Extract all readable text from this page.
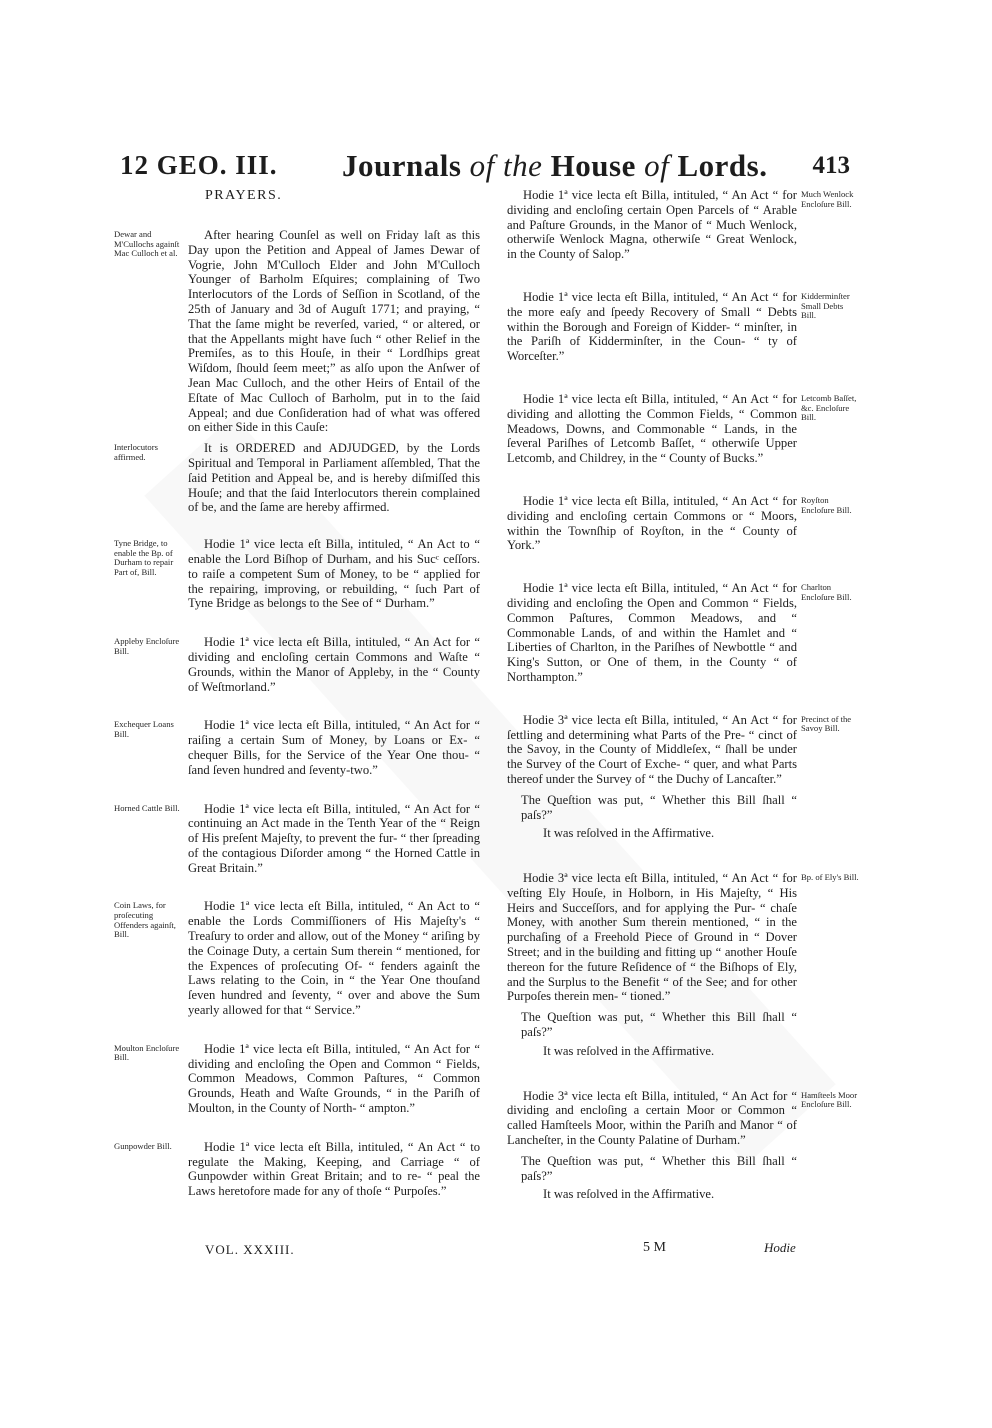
12 GEO. III. Journals of the House of Lords. 413
PRAYERS.
Dewar and M'Cullochs againſt Mac Culloch et al.
After hearing Counſel as well on Friday laſt as this Day upon the Petition and Appeal of James Dewar of Vogrie, John M'Culloch Elder and John M'Culloch Younger of Barholm Eſquires; complaining of Two Interlocutors of the Lords of Seſſion in Scotland, of the 25th of January and 3d of Auguſt 1771; and praying, “ That the ſame might be reverſed, varied, “ or altered, or that the Appellants might have ſuch “ other Relief in the Premiſes, as to this Houſe, in their “ Lordſhips great Wiſdom, ſhould ſeem meet;” as alſo upon the Anſwer of Jean Mac Culloch, and the other Heirs of Entail of the Eſtate of Mac Culloch of Barholm, put in to the ſaid Appeal; and due Conſideration had of what was offered on either Side in this Cauſe:
Interlocutors affirmed.
It is ORDERED and ADJUDGED, by the Lords Spiritual and Temporal in Parliament aſſembled, That the ſaid Petition and Appeal be, and is hereby diſmiſſed this Houſe; and that the ſaid Interlocutors therein complained of be, and the ſame are hereby affirmed.
Tyne Bridge, to enable the Bp. of Durham to repair Part of, Bill.
Hodie 1ª vice lecta eſt Billa, intituled, “ An Act to “ enable the Lord Biſhop of Durham, and his Sucᶜ ceſſors. to raiſe a competent Sum of Money, to be “ applied for the repairing, improving, or rebuilding, “ ſuch Part of Tyne Bridge as belongs to the See of “ Durham.”
Appleby Encloſure Bill.
Hodie 1ª vice lecta eſt Billa, intituled, “ An Act for “ dividing and encloſing certain Commons and Waſte “ Grounds, within the Manor of Appleby, in the “ County of Weſtmorland.”
Exchequer Loans Bill.
Hodie 1ª vice lecta eſt Billa, intituled, “ An Act for “ raiſing a certain Sum of Money, by Loans or Ex- “ chequer Bills, for the Service of the Year One thou- “ ſand ſeven hundred and ſeventy-two.”
Horned Cattle Bill.	Hodie 1ª vice lecta eſt Billa, intituled, “ An Act for “ continuing an Act made in the Tenth Year of the “ Reign of His preſent Majeſty, to prevent the fur- “ ther ſpreading of the contagious Diſorder among “ the Horned Cattle in Great Britain.”
Coin Laws, for proſecuting Offenders againſt, Bill.
Hodie 1ª vice lecta eſt Billa, intituled, “ An Act to “ enable the Lords Commiſſioners of His Majeſty's “ Treaſury to order and allow, out of the Money “ ariſing by the Coinage Duty, a certain Sum therein “ mentioned, for the Expences of proſecuting Of- “ fenders againſt the Laws relating to the Coin, in “ the Year One thouſand ſeven hundred and ſeventy, “ over and above the Sum yearly allowed for that “ Service.”
Moulton Encloſure Bill.
Hodie 1ª vice lecta eſt Billa, intituled, “ An Act for “ dividing and encloſing the Open and Common “ Fields, Common Meadows, Common Paſtures, “ Common Grounds, Heath and Waſte Grounds, “ in the Pariſh of Moulton, in the County of North- “ ampton.”
Gunpowder Bill.	Hodie 1ª vice lecta eſt Billa, intituled, “ An Act “ to regulate the Making, Keeping, and Carriage “ of Gunpowder within Great Britain; and to re- “ peal the Laws heretofore made for any of thoſe “ Purpoſes.”
Much Wenlock Encloſure Bill.
Hodie 1ª vice lecta eſt Billa, intituled, “ An Act “ for dividing and encloſing certain Open Parcels of “ Arable and Paſture Grounds, in the Manor of “ Much Wenlock, otherwiſe Wenlock Magna, otherwiſe “ Great Wenlock, in the County of Salop.”
Kidderminſter Small Debts Bill.
Hodie 1ª vice lecta eſt Billa, intituled, “ An Act “ for the more eaſy and ſpeedy Recovery of Small “ Debts within the Borough and Foreign of Kidder- “ minſter, in the Pariſh of Kidderminſter, in the Coun- “ ty of Worceſter.”
Letcomb Baſſet, &c. Encloſure Bill.
Hodie 1ª vice lecta eſt Billa, intituled, “ An Act “ for dividing and allotting the Common Fields, “ Common Meadows, Downs, and Commonable “ Lands, in the ſeveral Pariſhes of Letcomb Baſſet, “ otherwiſe Upper Letcomb, and Childrey, in the “ County of Bucks.”
Royſton Encloſure Bill.
Hodie 1ª vice lecta eſt Billa, intituled, “ An Act “ for dividing and encloſing certain Commons or “ Moors, within the Townſhip of Royſton, in the “ County of York.”
Charlton Encloſure Bill.
Hodie 1ª vice lecta eſt Billa, intituled, “ An Act “ for dividing and encloſing the Open and Common “ Fields, Common Paſtures, Common Meadows, and “ Commonable Lands, of and within the Hamlet and “ Liberties of Charlton, in the Pariſhes of Newbottle “ and King's Sutton, or One of them, in the County “ of Northampton.”
Precinct of the Savoy Bill.
Hodie 3ª vice lecta eſt Billa, intituled, “ An Act “ for ſettling and determining what Parts of the Pre- “ cinct of the Savoy, in the County of Middleſex, “ ſhall be under the Survey of the Court of Exche- “ quer, and what Parts thereof under the Survey of “ the Duchy of Lancaſter.”
The Queſtion was put, “ Whether this Bill ſhall “ paſs?”
It was reſolved in the Affirmative.
Bp. of Ely's Bill.
Hodie 3ª vice lecta eſt Billa, intituled, “ An Act “ for veſting Ely Houſe, in Holborn, in His Majeſty, “ His Heirs and Succeſſors, and for applying the Pur- “ chaſe Money, with another Sum therein mentioned, “ in the purchaſing of a Freehold Piece of Ground in “ Dover Street; and in the building and fitting up “ another Houſe thereon for the future Reſidence of “ the Biſhops of Ely, and the Surplus to the Benefit “ of the See; and for other Purpoſes therein men- “ tioned.”
The Queſtion was put, “ Whether this Bill ſhall “ paſs?”
It was reſolved in the Affirmative.
Hamſteels Moor Encloſure Bill.
Hodie 3ª vice lecta eſt Billa, intituled, “ An Act for “ dividing and encloſing a certain Moor or Common “ called Hamſteels Moor, within the Pariſh and Manor “ of Lancheſter, in the County Palatine of Durham.”
The Queſtion was put, “ Whether this Bill ſhall “ paſs?”
It was reſolved in the Affirmative.
VOL. XXXIII.	5 M	Hodie
